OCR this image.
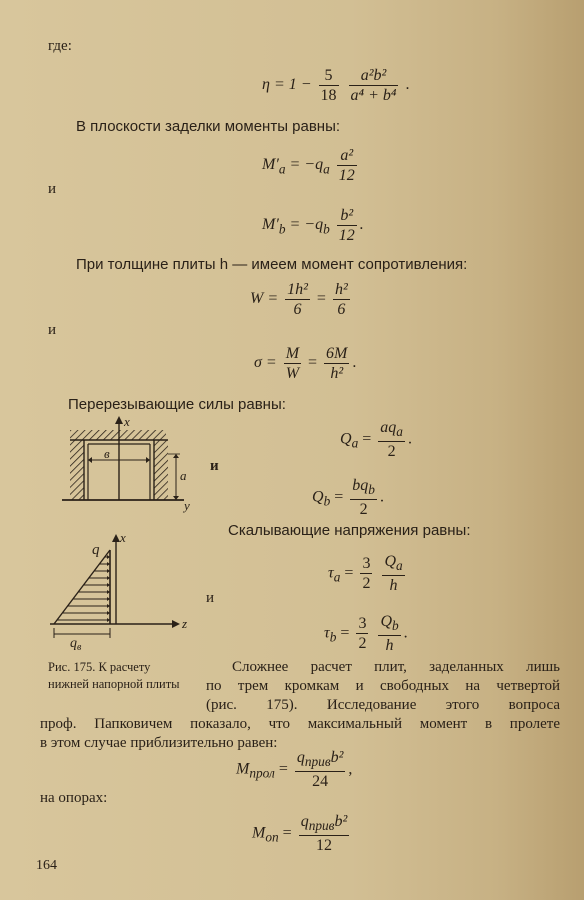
где:
$\eta = 1 - \frac{5}{18}$
$\frac{\text{a²b²}}{\text{a⁴ + b⁴}}$ .
В плоскости заделки моменты равны:
$M'_a = -q_a \frac{\text{a²}}{12}$
и
$M'_b = -q_b \frac{\text{b²}}{12}$ .
При толщине плиты h — имеем момент сопротивления:
$W = \frac{\text{1h²}}{6} = \frac{\text{h²}}{6}$
и
$\sigma = \frac{M}{W} = \frac{6M}{\text{h²}}$ .
Перерезывающие силы равны:
x
y
в
a
$Q_a = \frac{aq_a}{2}$ .
и
$Q_b = \frac{bq_b}{2}$ .
Скалывающие напряжения равны:
x
z
q
$q_в$
$\tau_a = \frac{3}{2}$
$\frac{Q_a}{h}$
и
$\tau_b = \frac{3}{2}$
$\frac{Q_b}{h}$ .
Рис. 175. К расчету
нижней напорной плиты
Сложнее расчет плит, заделанных лишь
по трем кромкам и свободных на четвертой
(рис. 175). Исследование этого вопроса
проф. Папковичем показало, что максимальный момент в пролете
в этом случае приблизительно равен:
$M_{прол} = \frac{q_{прив}b^2}{24}$ ,
на опорах:
$M_{оп} = \frac{q_{прив}b^2}{12}$
164
